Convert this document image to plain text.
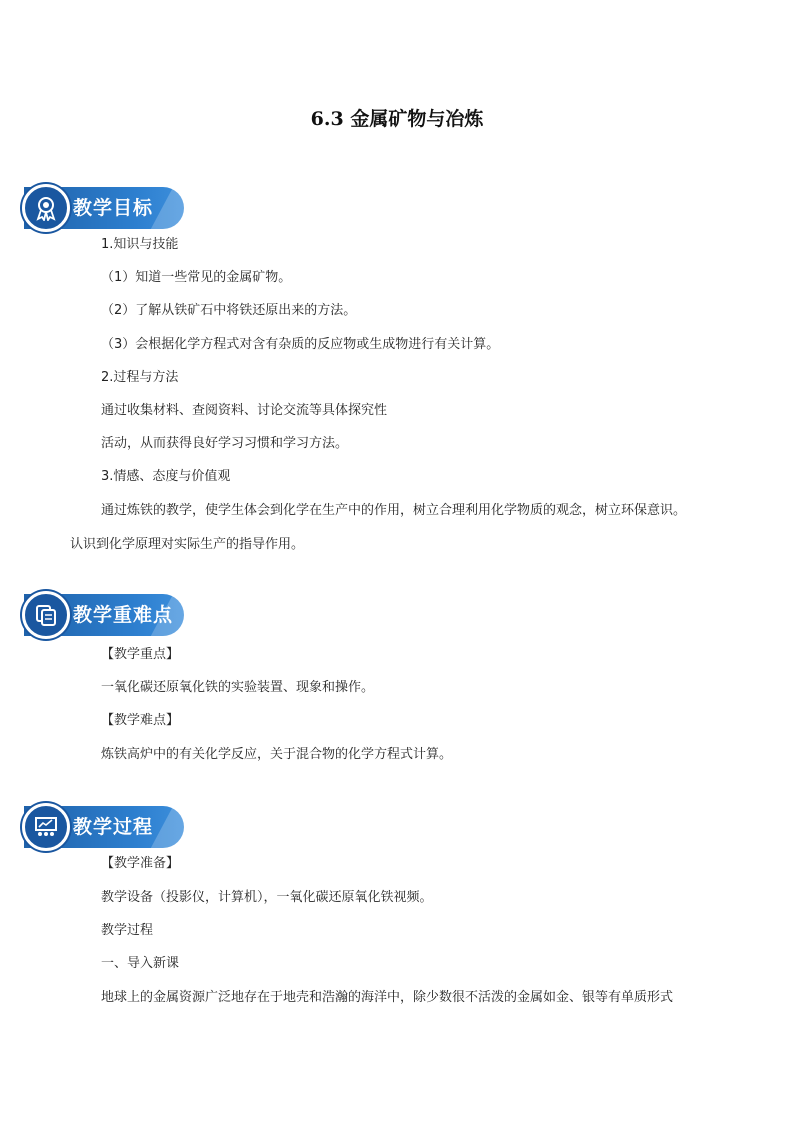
6.3 金属矿物与冶炼
教学目标
1.知识与技能
（1）知道一些常见的金属矿物。
（2）了解从铁矿石中将铁还原出来的方法。
（3）会根据化学方程式对含有杂质的反应物或生成物进行有关计算。
2.过程与方法
通过收集材料、查阅资料、讨论交流等具体探究性
活动，从而获得良好学习习惯和学习方法。
3.情感、态度与价值观
通过炼铁的教学，使学生体会到化学在生产中的作用，树立合理利用化学物质的观念，树立环保意识。
认识到化学原理对实际生产的指导作用。
教学重难点
【教学重点】
一氧化碳还原氧化铁的实验装置、现象和操作。
【教学难点】
炼铁高炉中的有关化学反应，关于混合物的化学方程式计算。
教学过程
【教学准备】
教学设备（投影仪，计算机），一氧化碳还原氧化铁视频。
教学过程
一、导入新课
地球上的金属资源广泛地存在于地壳和浩瀚的海洋中，除少数很不活泼的金属如金、银等有单质形式
